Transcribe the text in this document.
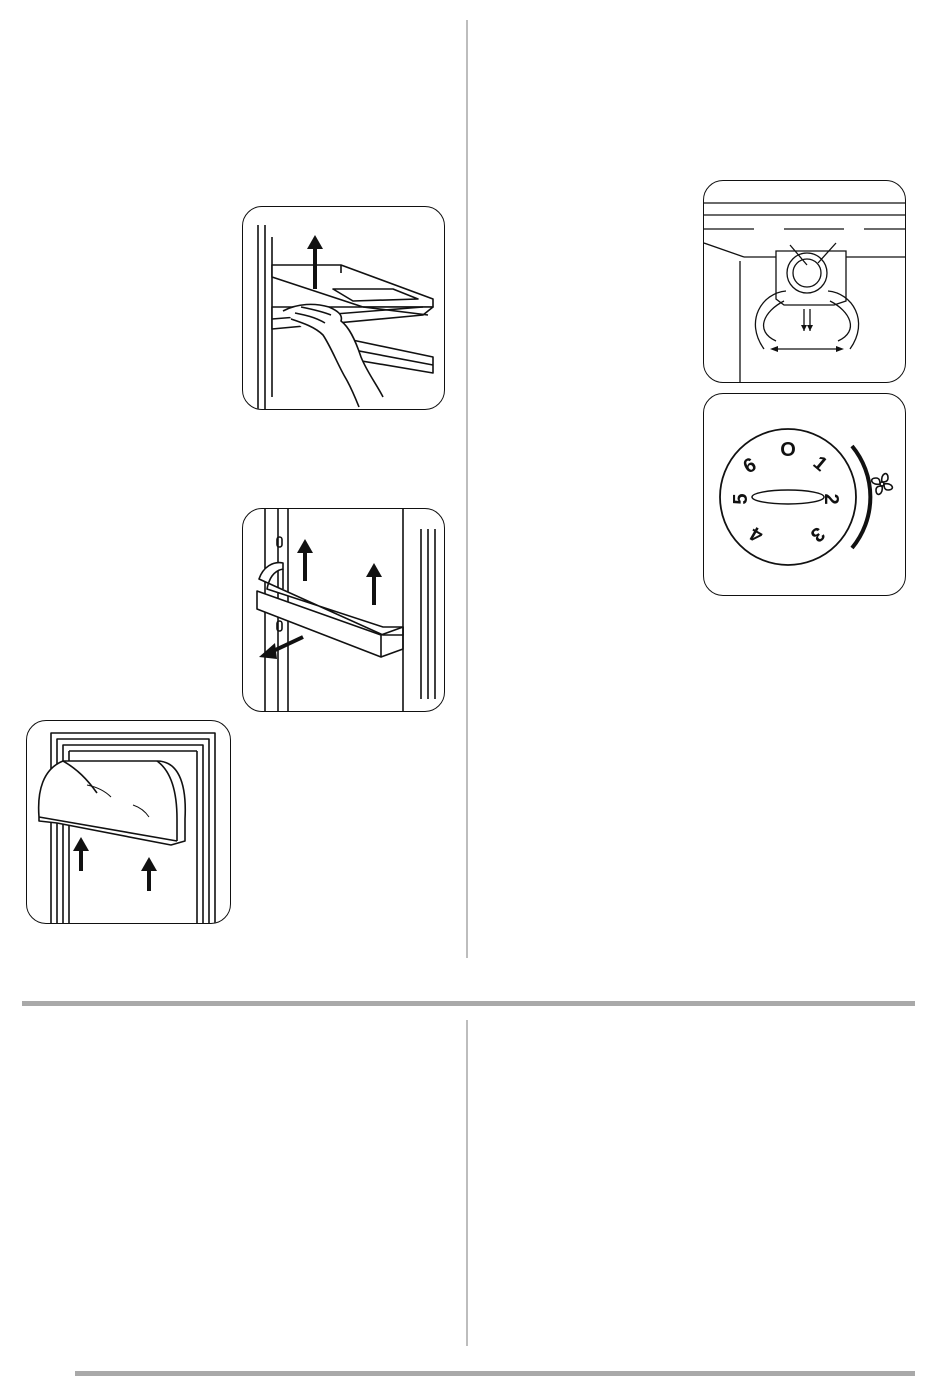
O
1
2
3
4
5
6
